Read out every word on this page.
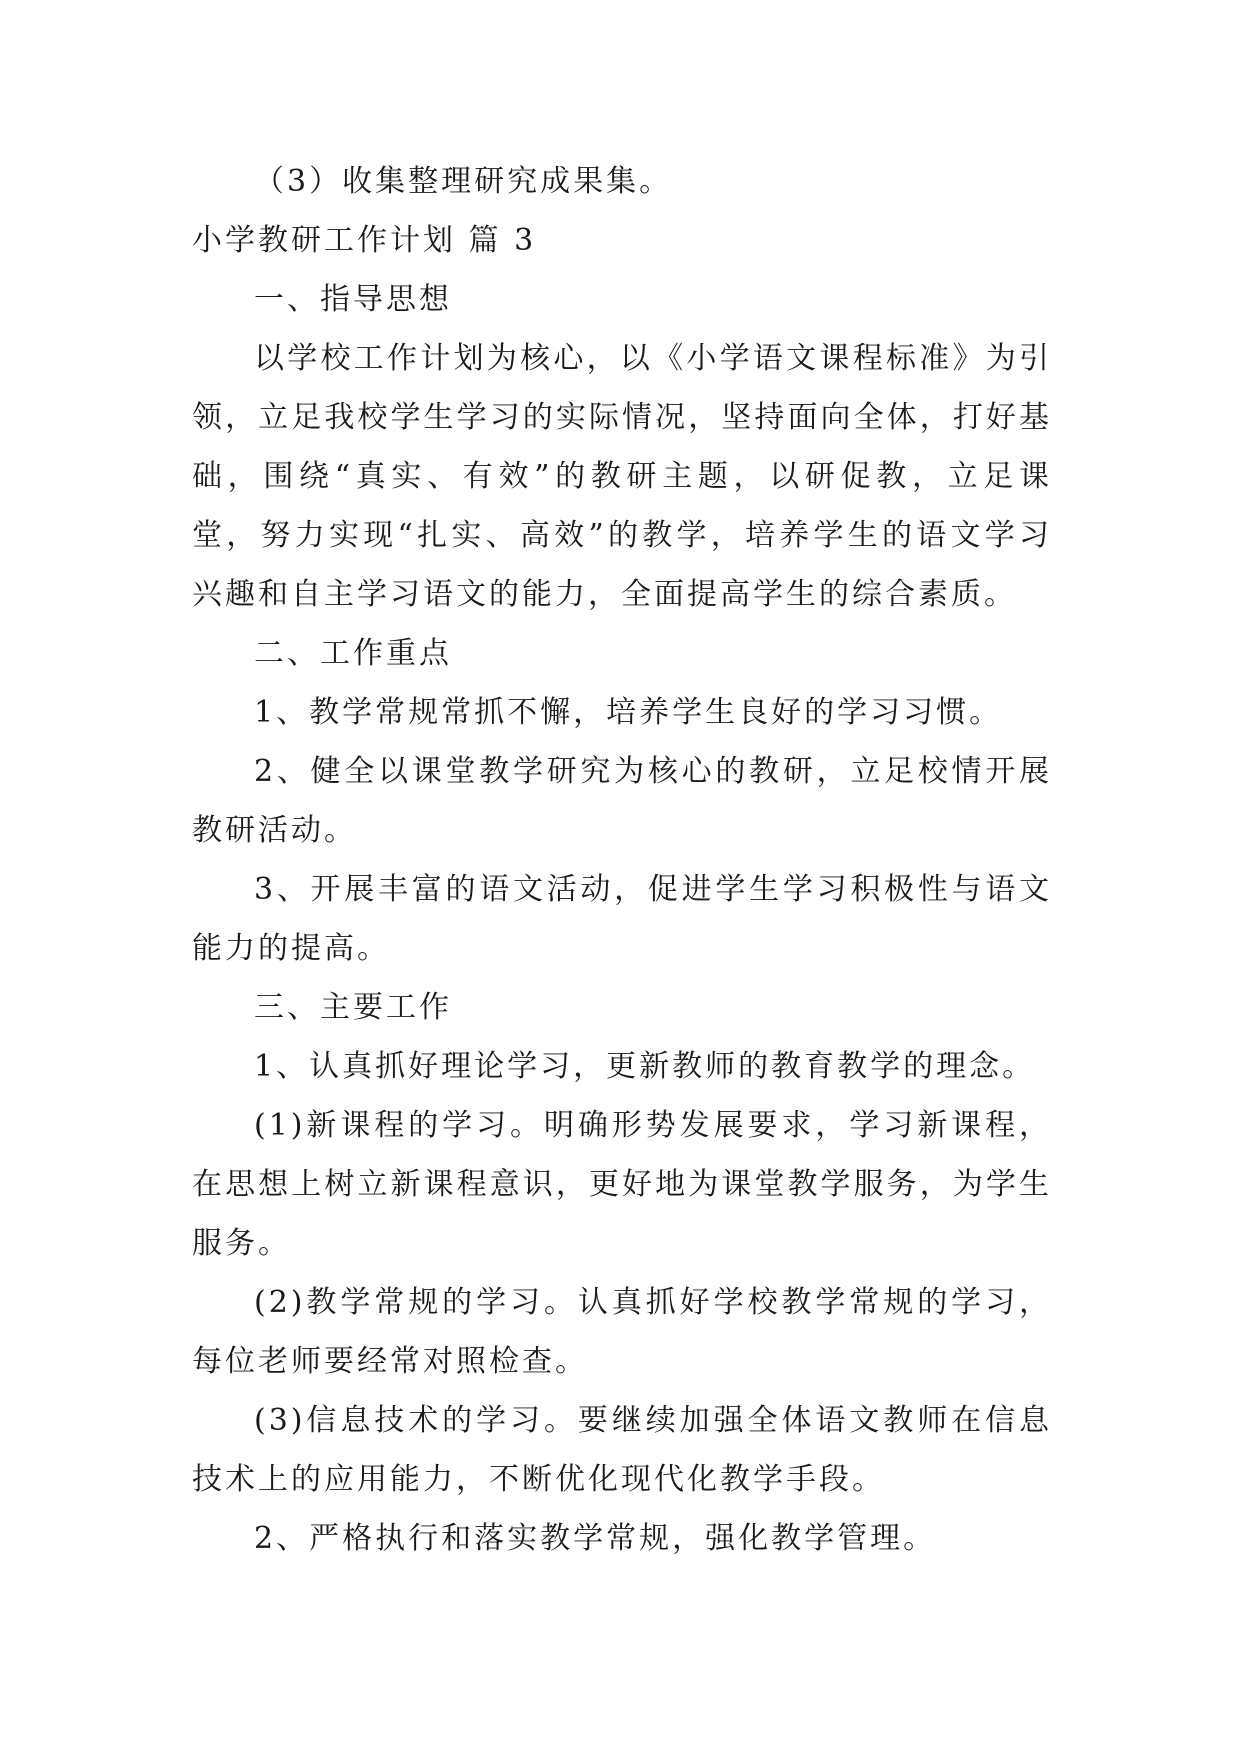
（3）收集整理研究成果集。

小学教研工作计划 篇 3

一、指导思想

以学校工作计划为核心，以《小学语文课程标准》为引领，立足我校学生学习的实际情况，坚持面向全体，打好基础，围绕“真实、有效”的教研主题，以研促教，立足课堂，努力实现“扎实、高效”的教学，培养学生的语文学习兴趣和自主学习语文的能力，全面提高学生的综合素质。

二、工作重点

1、教学常规常抓不懈，培养学生良好的学习习惯。

2、健全以课堂教学研究为核心的教研，立足校情开展教研活动。

3、开展丰富的语文活动，促进学生学习积极性与语文能力的提高。

三、主要工作

1、认真抓好理论学习，更新教师的教育教学的理念。

(1)新课程的学习。明确形势发展要求，学习新课程，在思想上树立新课程意识，更好地为课堂教学服务，为学生服务。

(2)教学常规的学习。认真抓好学校教学常规的学习，每位老师要经常对照检查。

(3)信息技术的学习。要继续加强全体语文教师在信息技术上的应用能力，不断优化现代化教学手段。

2、严格执行和落实教学常规，强化教学管理。
